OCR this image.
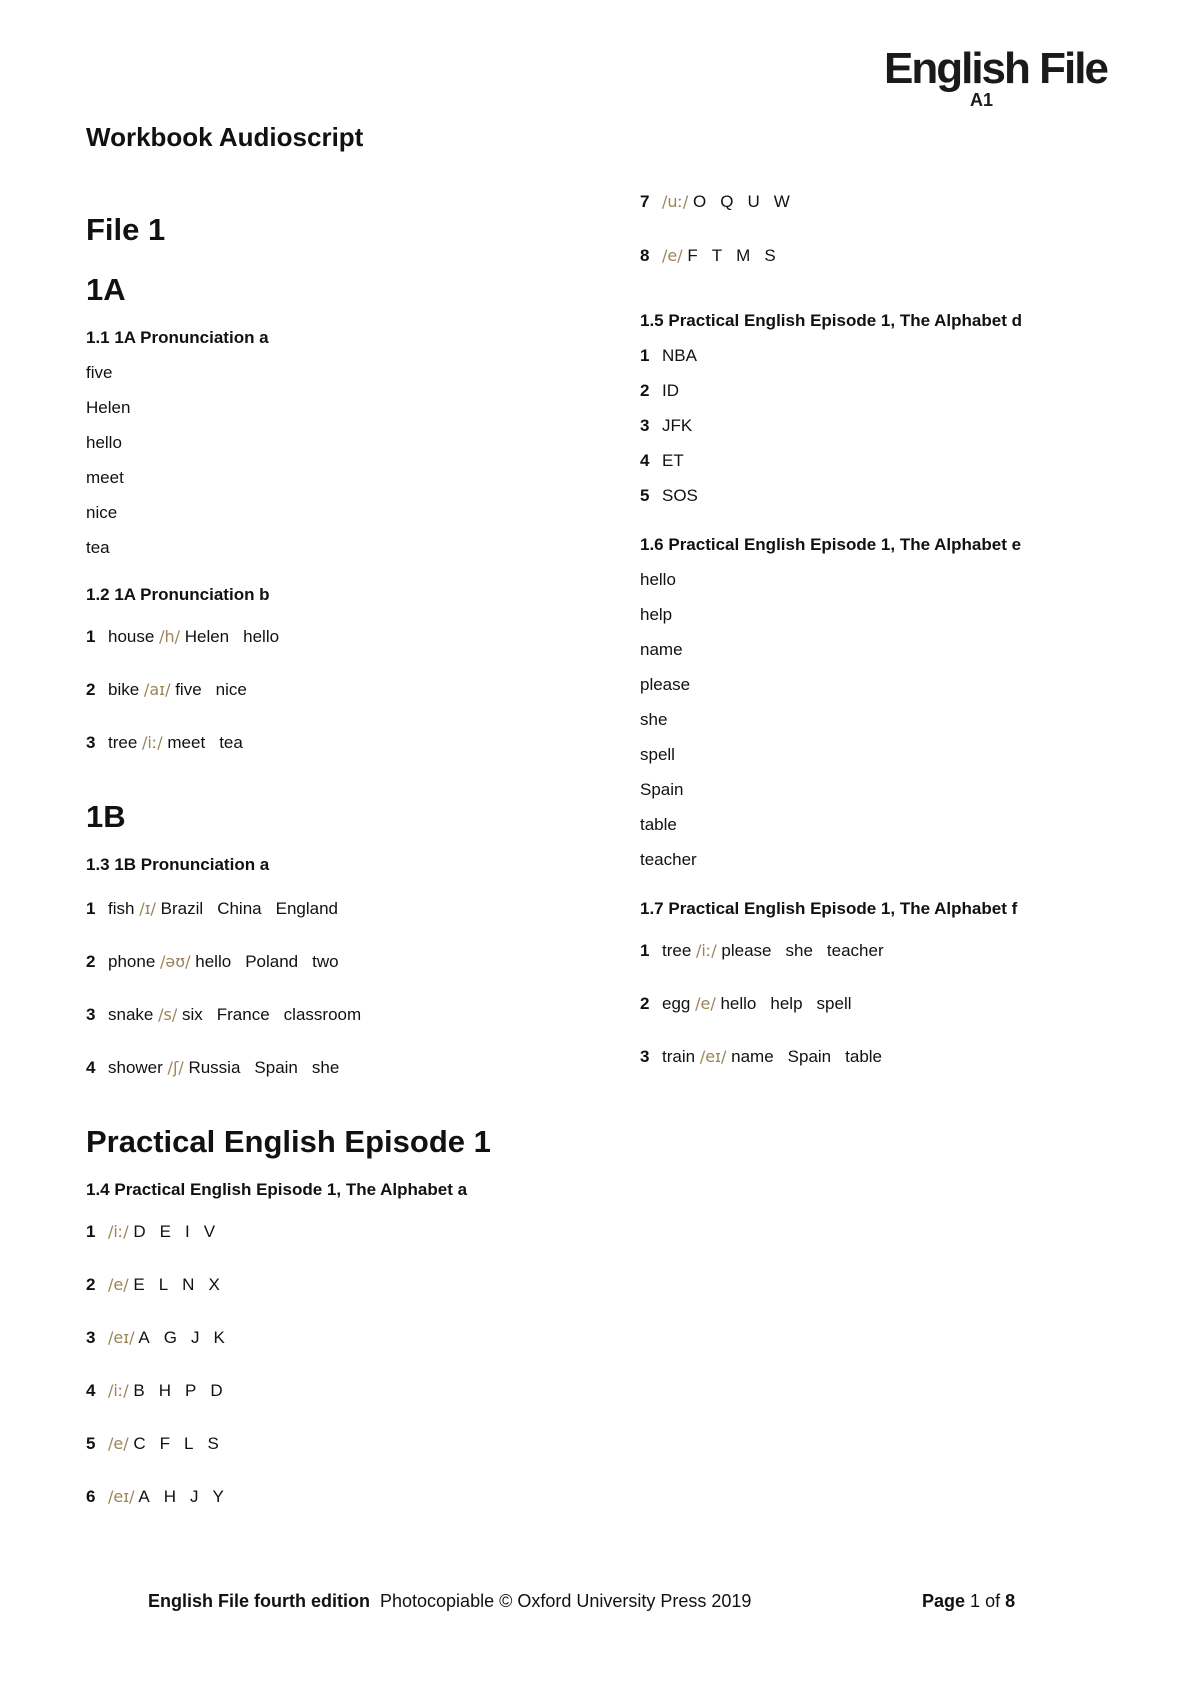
English File
A1
Workbook Audioscript
File 1
1A
1.1 1A Pronunciation a
five
Helen
hello
meet
nice
tea
1.2 1A Pronunciation b
1 house /h/ Helen hello
2 bike /aɪ/ five nice
3 tree /iː/ meet tea
1B
1.3 1B Pronunciation a
1 fish /ɪ/ Brazil China England
2 phone /əʊ/ hello Poland two
3 snake /s/ six France classroom
4 shower /ʃ/ Russia Spain she
Practical English Episode 1
1.4 Practical English Episode 1, The Alphabet a
1 /iː/ D E I V
2 /e/ E L N X
3 /eɪ/ A G J K
4 /iː/ B H P D
5 /e/ C F L S
6 /eɪ/ A H J Y
7 /uː/ O Q U W
8 /e/ F T M S
1.5 Practical English Episode 1, The Alphabet d
1 NBA
2 ID
3 JFK
4 ET
5 SOS
1.6 Practical English Episode 1, The Alphabet e
hello
help
name
please
she
spell
Spain
table
teacher
1.7 Practical English Episode 1, The Alphabet f
1 tree /iː/ please she teacher
2 egg /e/ hello help spell
3 train /eɪ/ name Spain table
English File fourth edition Photocopiable © Oxford University Press 2019	Page 1 of 8
